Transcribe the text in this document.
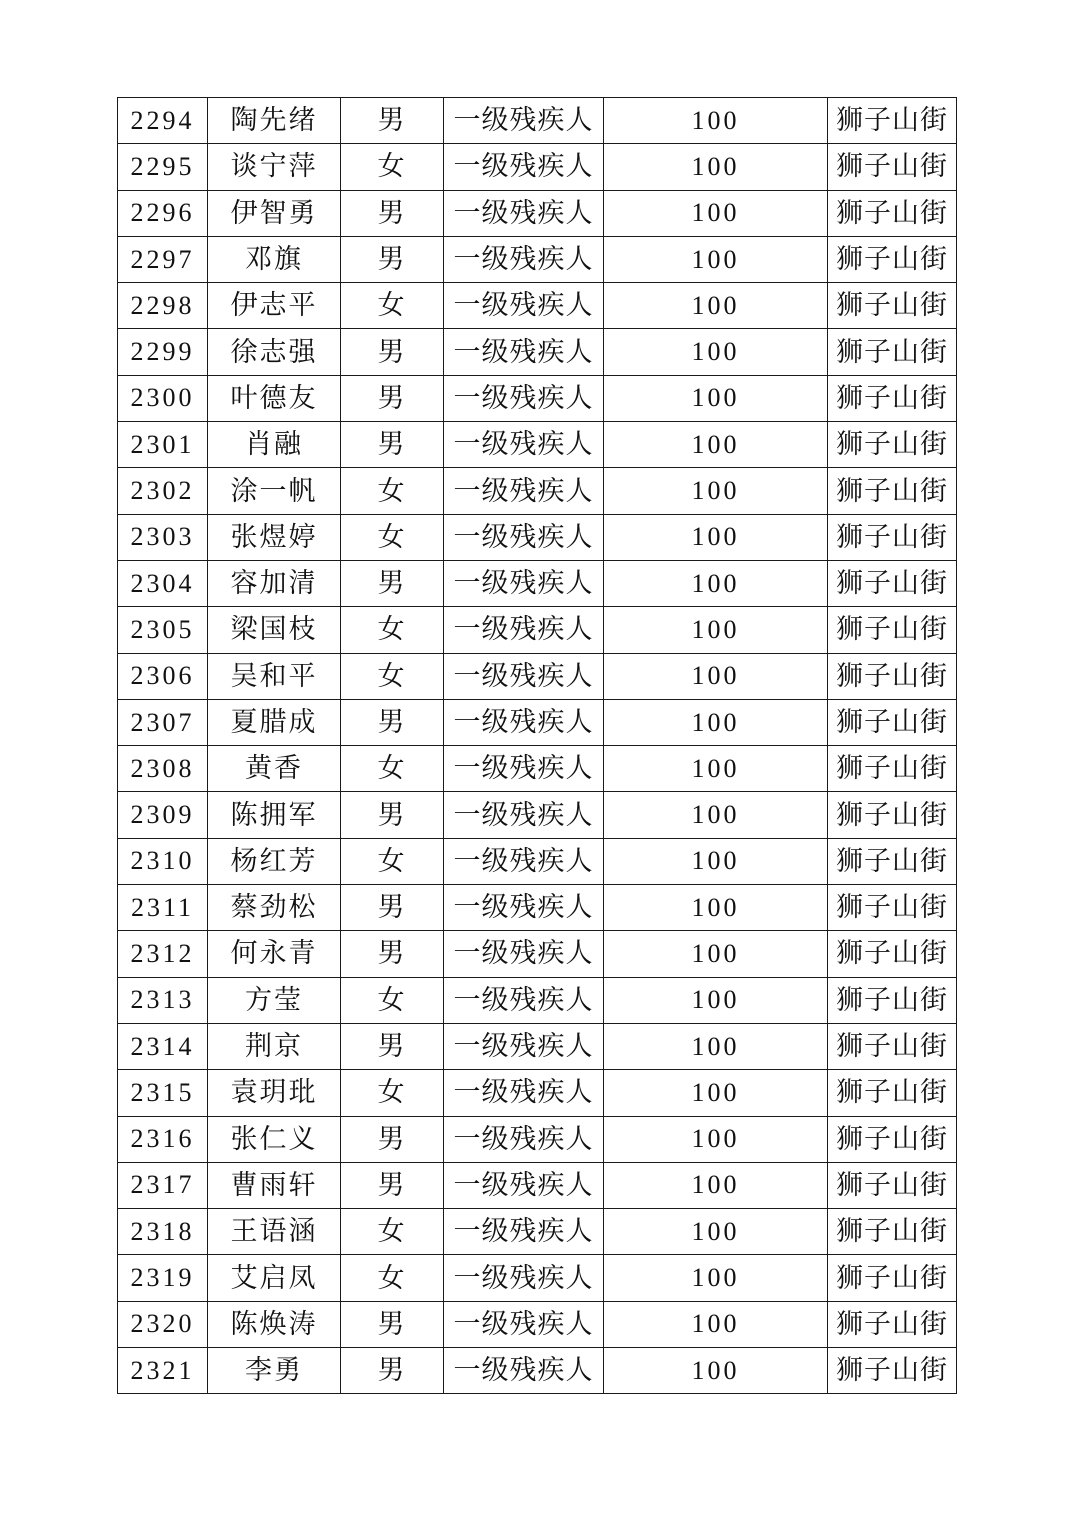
2294	陶先绪	男	一级残疾人	100	狮子山街
2295	谈宁萍	女	一级残疾人	100	狮子山街
2296	伊智勇	男	一级残疾人	100	狮子山街
2297	邓旗	男	一级残疾人	100	狮子山街
2298	伊志平	女	一级残疾人	100	狮子山街
2299	徐志强	男	一级残疾人	100	狮子山街
2300	叶德友	男	一级残疾人	100	狮子山街
2301	肖融	男	一级残疾人	100	狮子山街
2302	涂一帆	女	一级残疾人	100	狮子山街
2303	张煜婷	女	一级残疾人	100	狮子山街
2304	容加清	男	一级残疾人	100	狮子山街
2305	梁国枝	女	一级残疾人	100	狮子山街
2306	吴和平	女	一级残疾人	100	狮子山街
2307	夏腊成	男	一级残疾人	100	狮子山街
2308	黄香	女	一级残疾人	100	狮子山街
2309	陈拥军	男	一级残疾人	100	狮子山街
2310	杨红芳	女	一级残疾人	100	狮子山街
2311	蔡劲松	男	一级残疾人	100	狮子山街
2312	何永青	男	一级残疾人	100	狮子山街
2313	方莹	女	一级残疾人	100	狮子山街
2314	荆京	男	一级残疾人	100	狮子山街
2315	袁玥玭	女	一级残疾人	100	狮子山街
2316	张仁义	男	一级残疾人	100	狮子山街
2317	曹雨轩	男	一级残疾人	100	狮子山街
2318	王语涵	女	一级残疾人	100	狮子山街
2319	艾启凤	女	一级残疾人	100	狮子山街
2320	陈焕涛	男	一级残疾人	100	狮子山街
2321	李勇	男	一级残疾人	100	狮子山街
